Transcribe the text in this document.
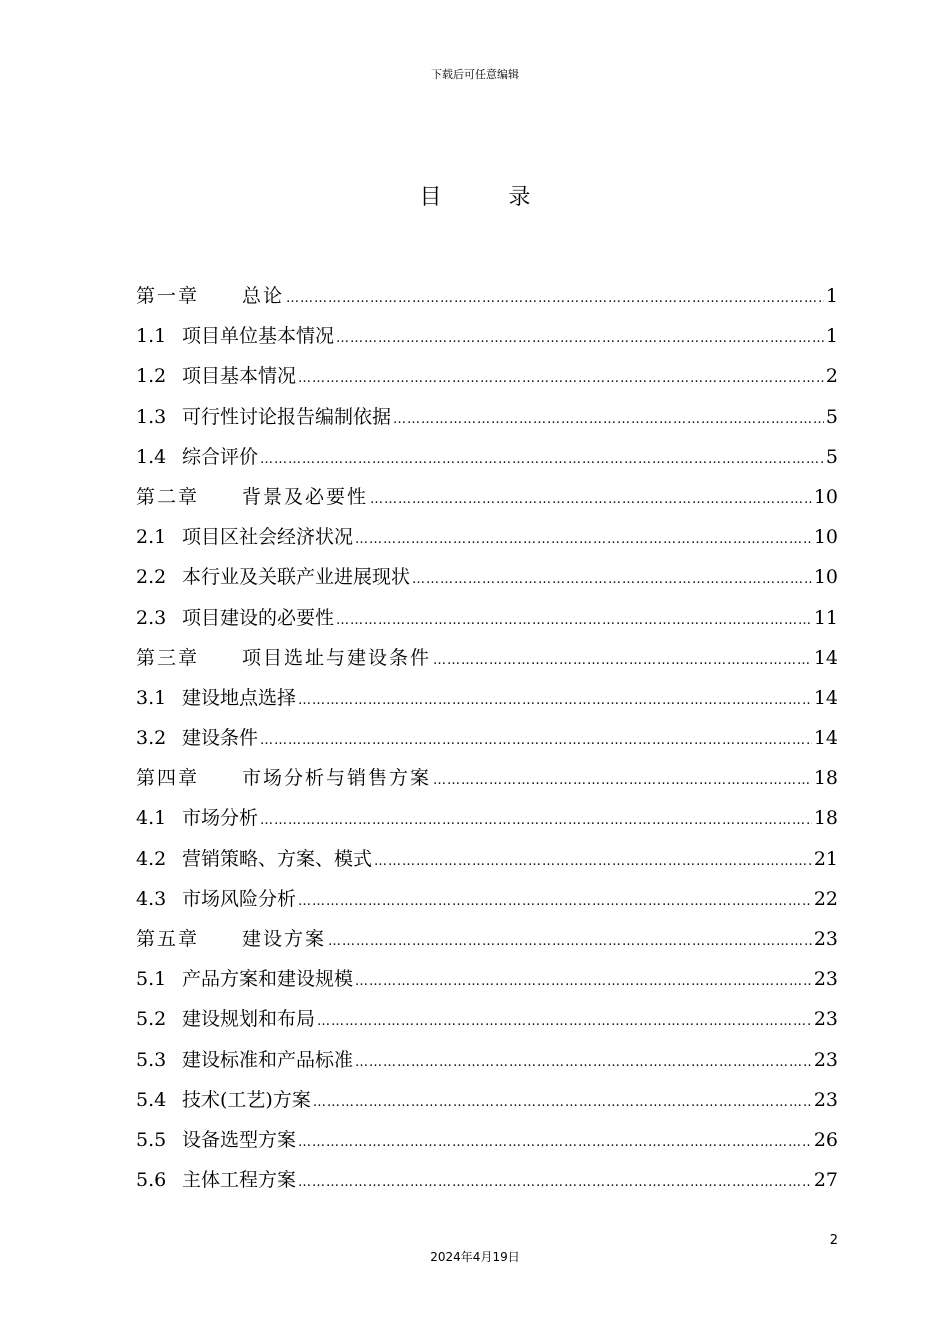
下载后可任意编辑
目 录
第一章 总论 …………………………………………………………………………………………………………………………………………………………	1
1.1 项目单位基本情况 …………………………………………………………………………………………………………………………………………………………	1
1.2 项目基本情况 …………………………………………………………………………………………………………………………………………………………	2
1.3 可行性讨论报告编制依据 …………………………………………………………………………………………………………………………………………………………	5
1.4 综合评价 …………………………………………………………………………………………………………………………………………………………	5
第二章 背景及必要性 …………………………………………………………………………………………………………………………………………………………	10
2.1 项目区社会经济状况 …………………………………………………………………………………………………………………………………………………………	10
2.2 本行业及关联产业进展现状 …………………………………………………………………………………………………………………………………………………………	10
2.3 项目建设的必要性 …………………………………………………………………………………………………………………………………………………………	11
第三章 项目选址与建设条件 …………………………………………………………………………………………………………………………………………………………	14
3.1 建设地点选择 …………………………………………………………………………………………………………………………………………………………	14
3.2 建设条件 …………………………………………………………………………………………………………………………………………………………	14
第四章 市场分析与销售方案 …………………………………………………………………………………………………………………………………………………………	18
4.1 市场分析 …………………………………………………………………………………………………………………………………………………………	18
4.2 营销策略、方案、模式 …………………………………………………………………………………………………………………………………………………………	21
4.3 市场风险分析 …………………………………………………………………………………………………………………………………………………………	22
第五章 建设方案 …………………………………………………………………………………………………………………………………………………………	23
5.1 产品方案和建设规模 …………………………………………………………………………………………………………………………………………………………	23
5.2 建设规划和布局 …………………………………………………………………………………………………………………………………………………………	23
5.3 建设标准和产品标准 …………………………………………………………………………………………………………………………………………………………	23
5.4 技术(工艺)方案 …………………………………………………………………………………………………………………………………………………………	23
5.5 设备选型方案 …………………………………………………………………………………………………………………………………………………………	26
5.6 主体工程方案 …………………………………………………………………………………………………………………………………………………………	27
2
2024年4月19日
